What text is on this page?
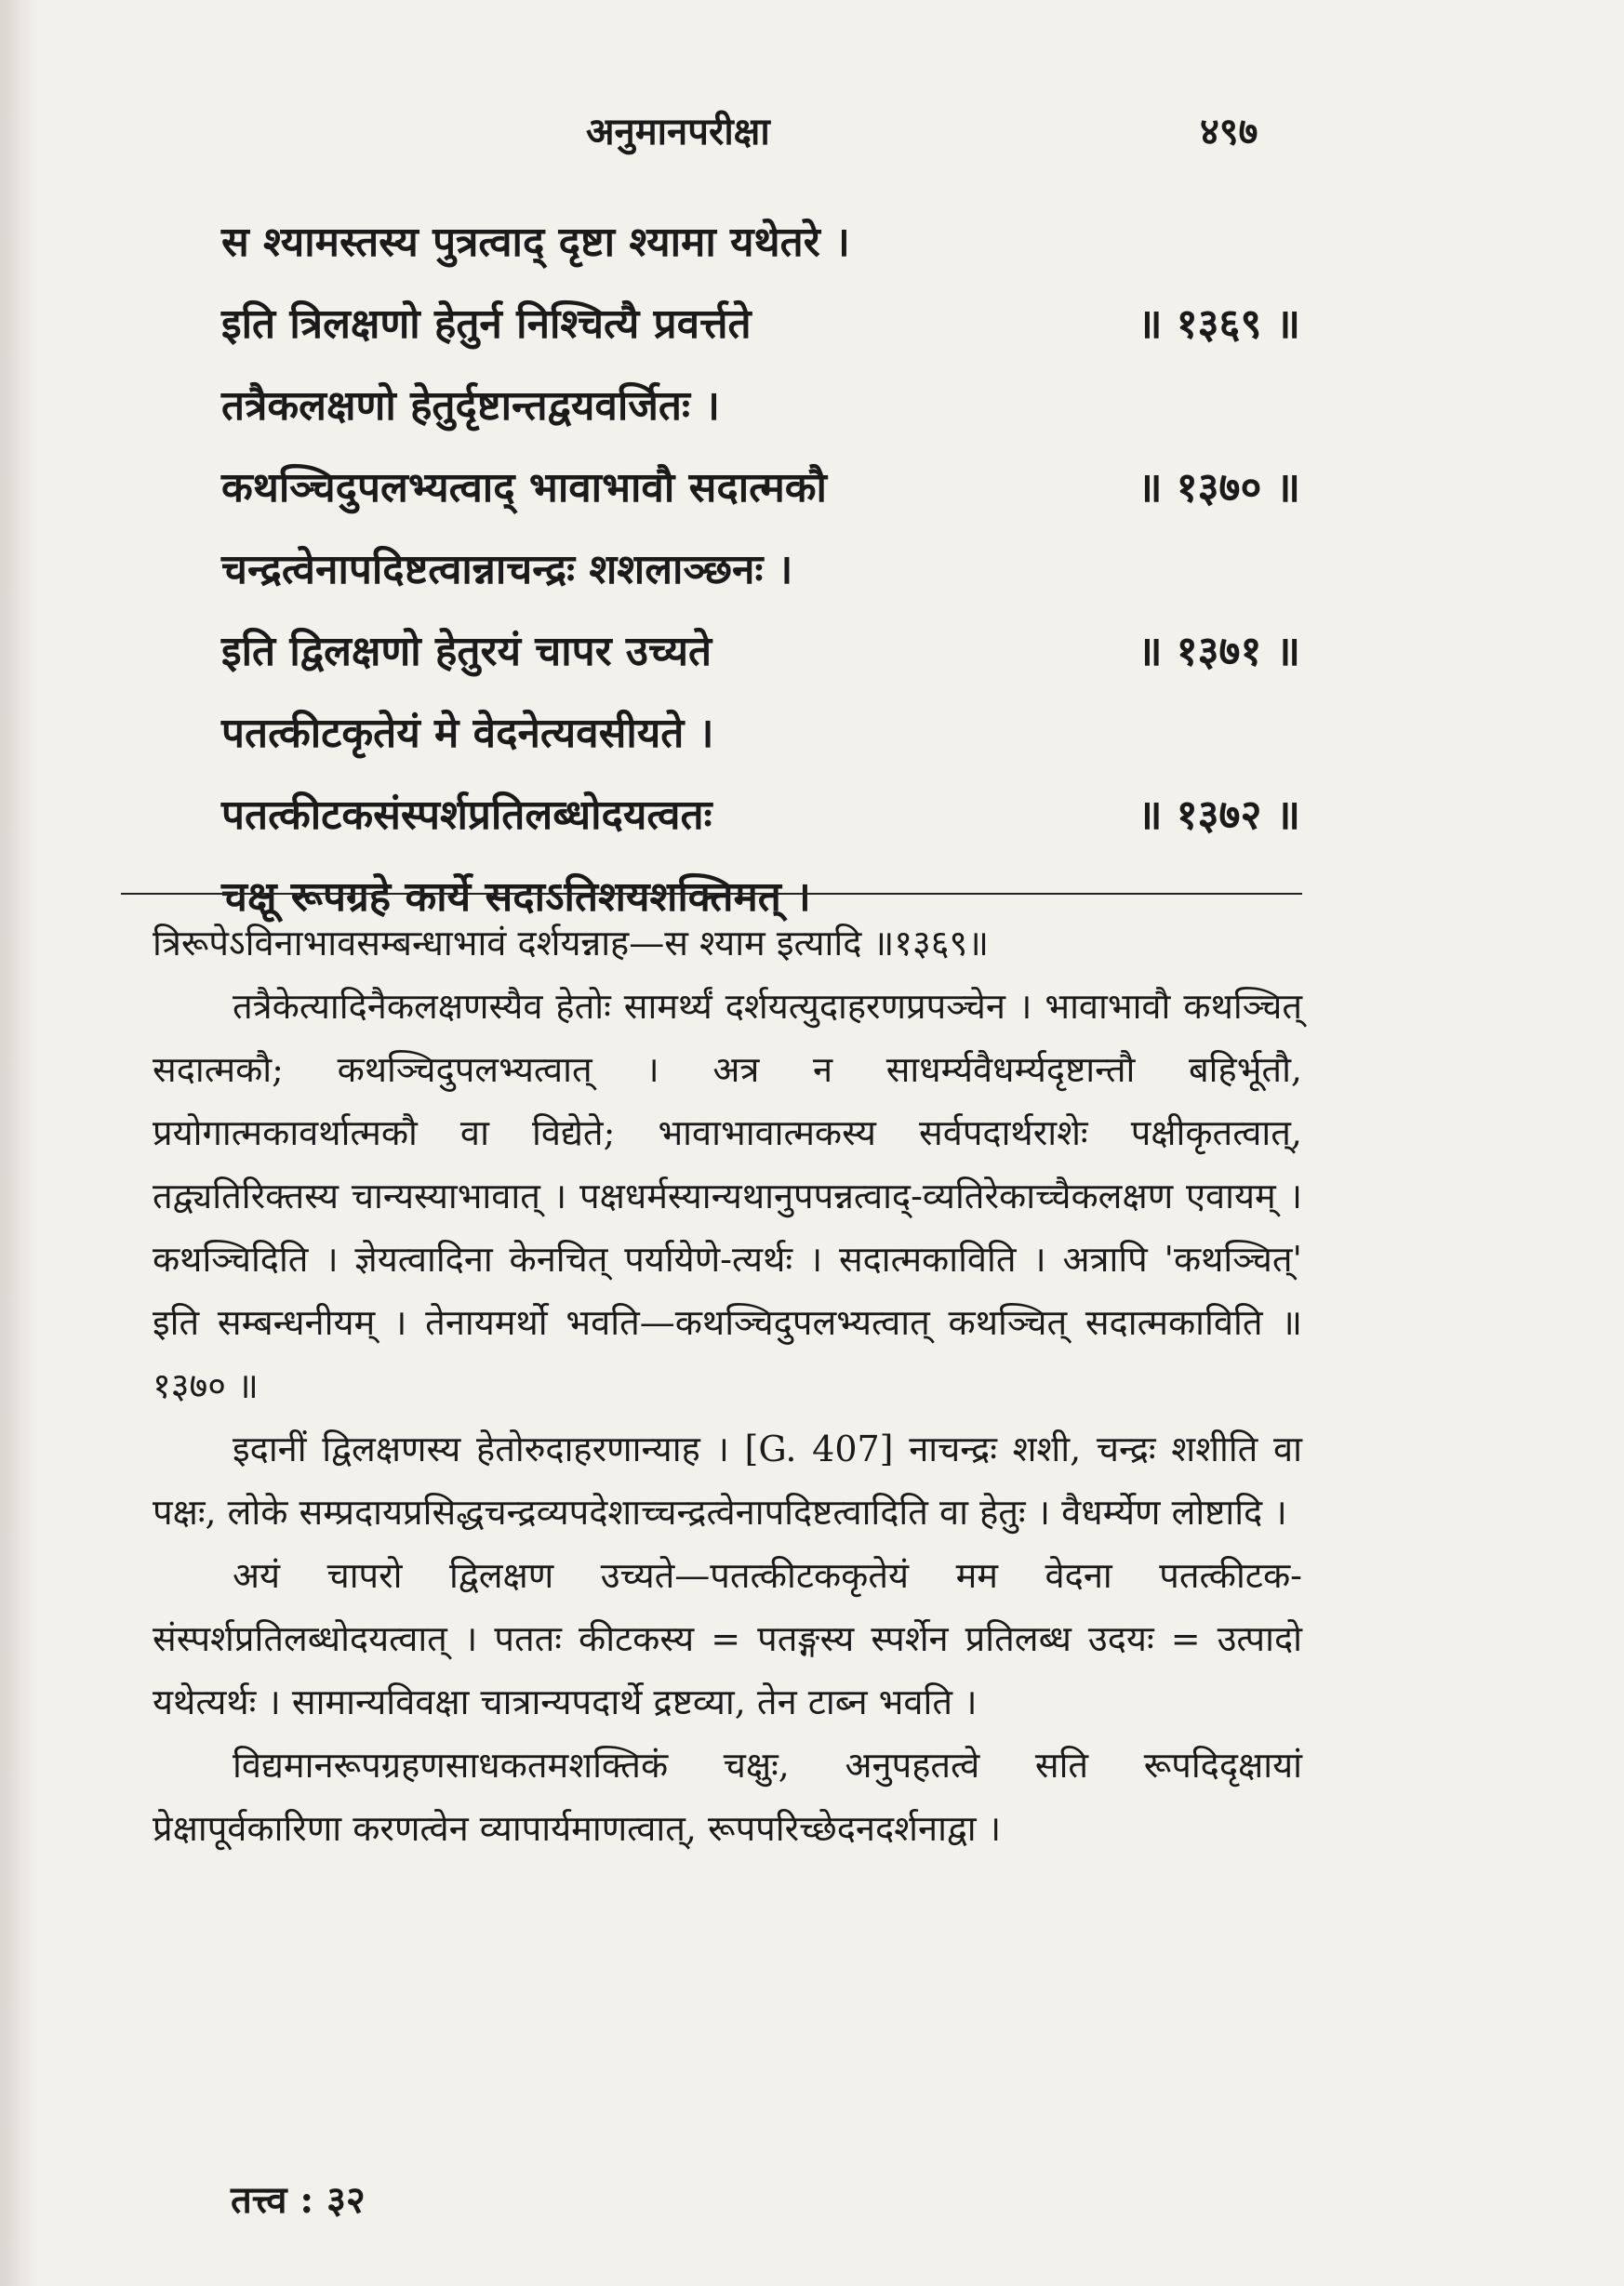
अनुमानपरीक्षा	४९७
स श्यामस्तस्य पुत्रत्वाद् दृष्टा श्यामा यथेतरे ।
इति त्रिलक्षणो हेतुर्न निश्चित्यै प्रवर्त्तते	॥ १३६९ ॥
तत्रैकलक्षणो हेतुर्दृष्टान्तद्वयवर्जितः ।
कथञ्चिदुपलभ्यत्वाद् भावाभावौ सदात्मकौ	॥ १३७० ॥
चन्द्रत्वेनापदिष्टत्वान्नाचन्द्रः शशलाञ्छनः ।
इति द्विलक्षणो हेतुरयं चापर उच्यते	॥ १३७१ ॥
पतत्कीटकृतेयं मे वेदनेत्यवसीयते ।
पतत्कीटकसंस्पर्शप्रतिलब्धोदयत्वतः	॥ १३७२ ॥
चक्षू रूपग्रहे कार्ये सदाऽतिशयशक्तिमत् ।

त्रिरूपेऽविनाभावसम्बन्धाभावं दर्शयन्नाह—स श्याम इत्यादि ॥१३६९॥

तत्रैकेत्यादिनैकलक्षणस्यैव हेतोः सामर्थ्यं दर्शयत्युदाहरणप्रपञ्चेन । भावाभावौ कथञ्चित् सदात्मकौ; कथञ्चिदुपलभ्यत्वात् । अत्र न साधर्म्यवैधर्म्यदृष्टान्तौ बहिर्भूतौ, प्रयोगात्मकावर्थात्मकौ वा विद्येते; भावाभावात्मकस्य सर्वपदार्थराशेः पक्षीकृतत्वात्, तद्व्यतिरिक्तस्य चान्यस्याभावात् । पक्षधर्मस्यान्यथानुपपन्नत्वाद्-व्यतिरेकाच्चैकलक्षण एवायम् । कथञ्चिदिति । ज्ञेयत्वादिना केनचित् पर्यायेणे-त्यर्थः । सदात्मकाविति । अत्रापि 'कथञ्चित्' इति सम्बन्धनीयम् । तेनायमर्थो भवति—कथञ्चिदुपलभ्यत्वात् कथञ्चित् सदात्मकाविति ॥ १३७० ॥

इदानीं द्विलक्षणस्य हेतोरुदाहरणान्याह । [G. 407] नाचन्द्रः शशी, चन्द्रः शशीति वा पक्षः, लोके सम्प्रदायप्रसिद्धचन्द्रव्यपदेशाच्चन्द्रत्वेनापदिष्टत्वादिति वा हेतुः । वैधर्म्येण लोष्टादि ।

अयं चापरो द्विलक्षण उच्यते—पतत्कीटककृतेयं मम वेदना पतत्कीटक-संस्पर्शप्रतिलब्धोदयत्वात् । पततः कीटकस्य = पतङ्गस्य स्पर्शेन प्रतिलब्ध उदयः = उत्पादो यथेत्यर्थः । सामान्यविवक्षा चात्रान्यपदार्थे द्रष्टव्या, तेन टाब्न भवति ।

विद्यमानरूपग्रहणसाधकतमशक्तिकं चक्षुः, अनुपहतत्वे सति रूपदिदृक्षायां प्रेक्षापूर्वकारिणा करणत्वेन व्यापार्यमाणत्वात्, रूपपरिच्छेदनदर्शनाद्वा ।

तत्त्व : ३२
